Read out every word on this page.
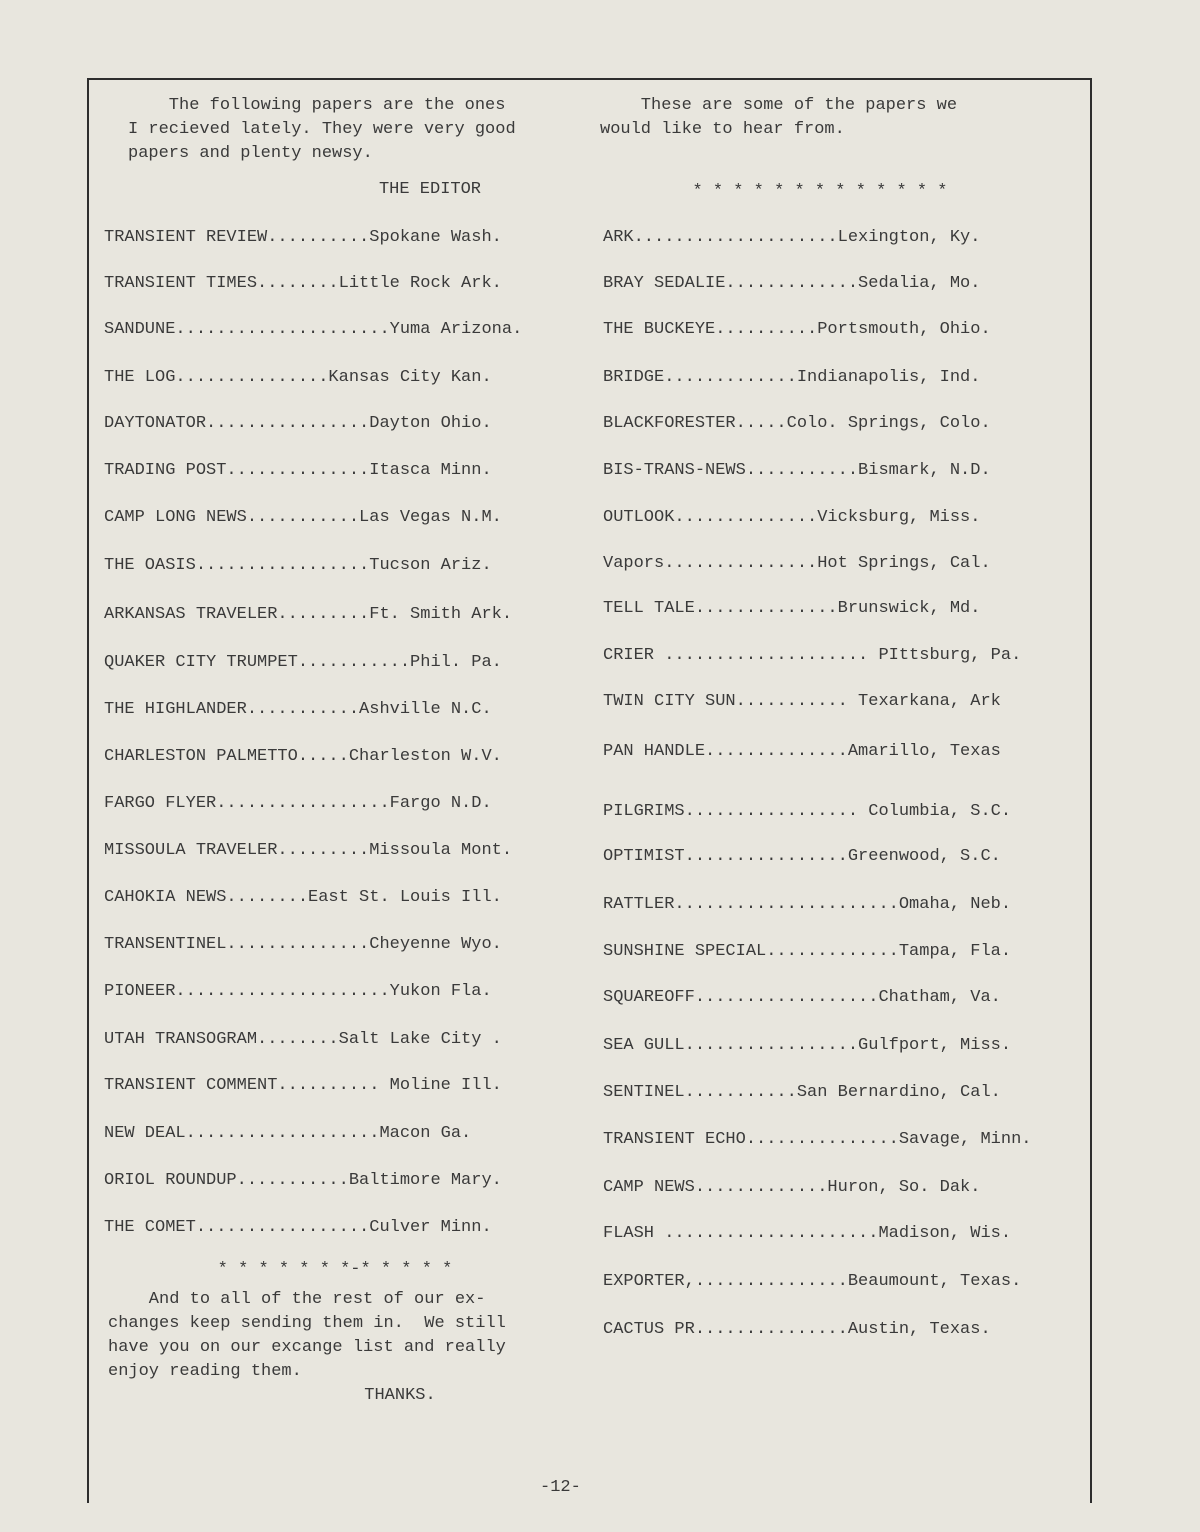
The following papers are the ones
I recieved lately. They were very good
papers and plenty newsy.
THE EDITOR
TRANSIENT REVIEW..........Spokane Wash.
TRANSIENT TIMES........Little Rock Ark.
SANDUNE.....................Yuma Arizona.
THE LOG...............Kansas City Kan.
DAYTONATOR................Dayton Ohio.
TRADING POST..............Itasca Minn.
CAMP LONG NEWS...........Las Vegas N.M.
THE OASIS.................Tucson Ariz.
ARKANSAS TRAVELER.........Ft. Smith Ark.
QUAKER CITY TRUMPET...........Phil. Pa.
THE HIGHLANDER...........Ashville N.C.
CHARLESTON PALMETTO.....Charleston W.V.
FARGO FLYER.................Fargo N.D.
MISSOULA TRAVELER.........Missoula Mont.
CAHOKIA NEWS........East St. Louis Ill.
TRANSENTINEL..............Cheyenne Wyo.
PIONEER.....................Yukon Fla.
UTAH TRANSOGRAM........Salt Lake City .
TRANSIENT COMMENT.......... Moline Ill.
NEW DEAL...................Macon Ga.
ORIOL ROUNDUP...........Baltimore Mary.
THE COMET.................Culver Minn.
* * * * * * *-* * * * *
And to all of the rest of our ex-
changes keep sending them in.  We still
have you on our excange list and really
enjoy reading them.
THANKS.
These are some of the papers we
would like to hear from.
* * * * * * * * * * * * *
ARK....................Lexington, Ky.
BRAY SEDALIE.............Sedalia, Mo.
THE BUCKEYE..........Portsmouth, Ohio.
BRIDGE.............Indianapolis, Ind.
BLACKFORESTER.....Colo. Springs, Colo.
BIS-TRANS-NEWS...........Bismark, N.D.
OUTLOOK..............Vicksburg, Miss.
Vapors...............Hot Springs, Cal.
TELL TALE..............Brunswick, Md.
CRIER .................... PIttsburg, Pa.
TWIN CITY SUN........... Texarkana, Ark
PAN HANDLE..............Amarillo, Texas
PILGRIMS................. Columbia, S.C.
OPTIMIST................Greenwood, S.C.
RATTLER......................Omaha, Neb.
SUNSHINE SPECIAL.............Tampa, Fla.
SQUAREOFF..................Chatham, Va.
SEA GULL.................Gulfport, Miss.
SENTINEL...........San Bernardino, Cal.
TRANSIENT ECHO...............Savage, Minn.
CAMP NEWS.............Huron, So. Dak.
FLASH .....................Madison, Wis.
EXPORTER,...............Beaumount, Texas.
CACTUS PR...............Austin, Texas.
-12-
